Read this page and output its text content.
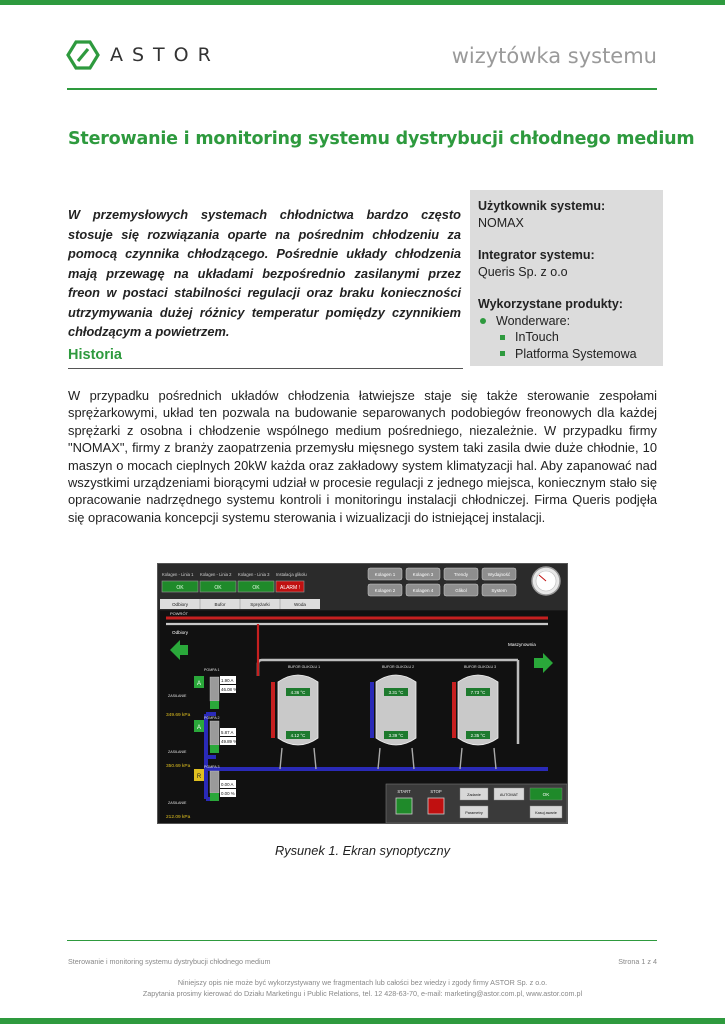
ASTOR	wizytówka systemu
Sterowanie i monitoring systemu dystrybucji chłodnego medium

W przemysłowych systemach chłodnictwa bardzo często stosuje się rozwiązania oparte na pośrednim chłodzeniu za pomocą czynnika chłodzącego. Pośrednie układy chłodzenia mają przewagę na układami bezpośrednio zasilanymi przez freon w postaci stabilności regulacji oraz braku konieczności utrzymywania dużej różnicy temperatur pomiędzy czynnikiem chłodzącym a powietrzem.

Użytkownik systemu:
NOMAX
Integrator systemu:
Queris Sp. z o.o
Wykorzystane produkty:
Wonderware:
InTouch
Platforma Systemowa
Historia

W przypadku pośrednich układów chłodzenia łatwiejsze staje się także sterowanie zespołami sprężarkowymi, układ ten pozwala na budowanie separowanych podobiegów freonowych dla każdej sprężarki z osobna i chłodzenie wspólnego medium pośredniego, niezależnie. W przypadku firmy "NOMAX", firmy z branży zaopatrzenia przemysłu mięsnego system taki zasila dwie duże chłodnie, 10 maszyn o mocach cieplnych 20kW każda oraz zakładowy system klimatyzacji hal. Aby zapanować nad wszystkimi urządzeniami biorącymi udział w procesie regulacji z jednego miejsca, koniecznym stało się opracowanie nadrzędnego systemu kontroli i monitoringu instalacji chłodniczej. Firma Queris podjęła się opracowania koncepcji systemu sterowania i wizualizacji do istniejącej instalacji.

Kolagen - Linia 1 Kolagen - Linia 2 Kolagen - Linia 3 Instalacja glikolu
OK	OK	OK	ALARM !
Kolagen 1	Kolagen 3	Trendy	Wydajność
Kolagen 2	Kolagen 4	Glikol	System
Odbiory	Bufor	Sprężarki	Woda
POWRÓT
Odbiory
Maszynownia
A
POMPA 1
1.90 A
46.08 %
A
POMPA 2
5.87 A
49.89 %
R
POMPA 3
0.00 A
0.00 %
ZASILANIE
349.69 kPa
ZASILANIE
350.69 kPa
ZASILANIE
212.09 kPa
BUFOR GLIKOLU 1
4.36 °C
4.12 °C
BUFOR GLIKOLU 2
3.31 °C
3.39 °C
BUFOR GLIKOLU 3
7.73 °C
2.35 °C
START	STOP
Zadanie	AUTOMAT	OK
Parametry	Kasuj awarie
Rysunek 1. Ekran synoptyczny
Sterowanie i monitoring systemu dystrybucji chłodnego medium	Strona 1 z 4
Niniejszy opis nie może być wykorzystywany we fragmentach lub całości bez wiedzy i zgody firmy ASTOR Sp. z o.o.
Zapytania prosimy kierować do Działu Marketingu i Public Relations, tel. 12 428-63-70, e-mail: marketing@astor.com.pl, www.astor.com.pl
